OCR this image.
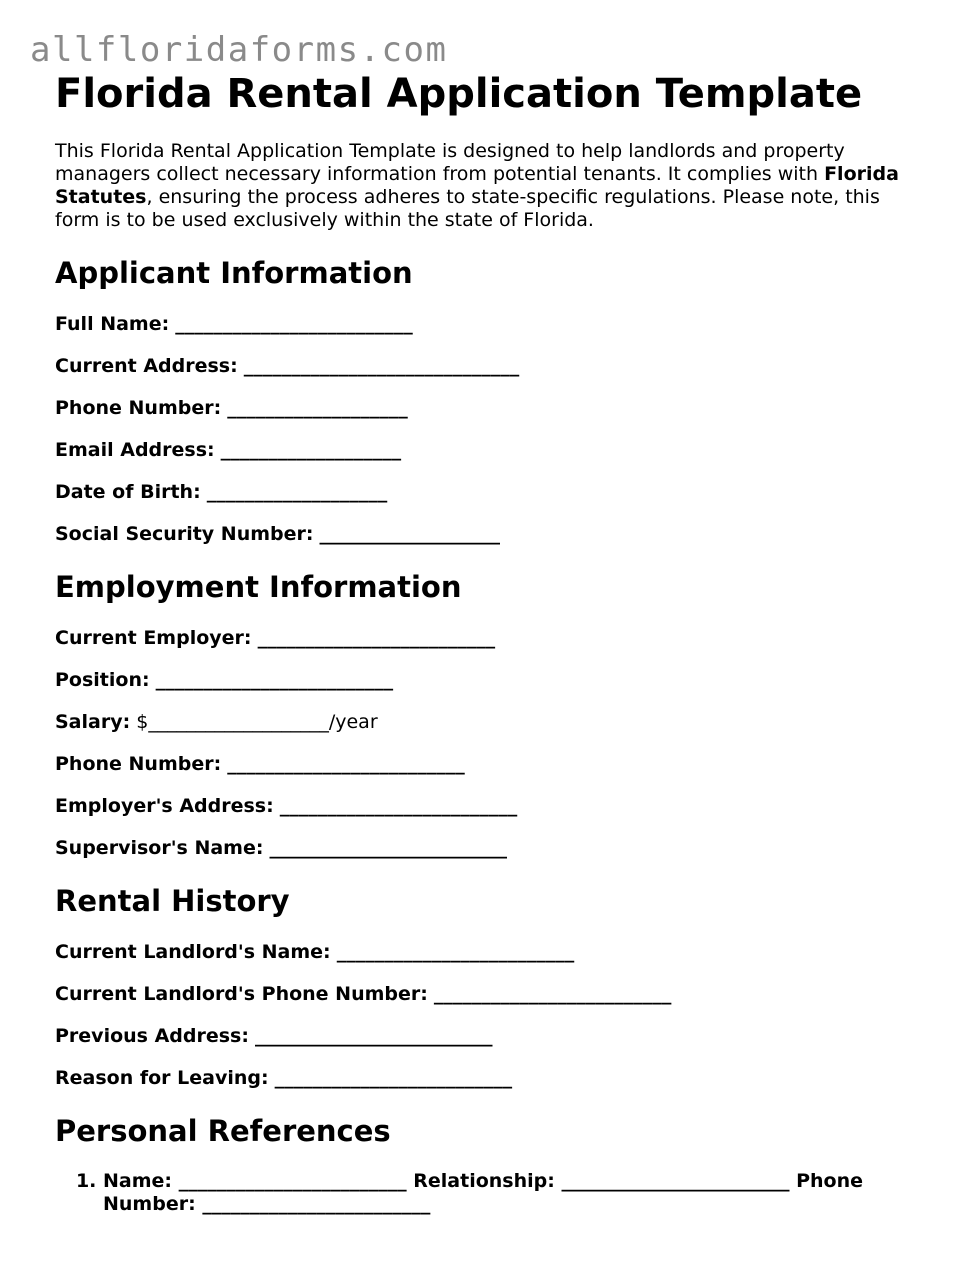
allfloridaforms.com
Florida Rental Application Template

This Florida Rental Application Template is designed to help landlords and property managers collect necessary information from potential tenants. It complies with Florida Statutes, ensuring the process adheres to state-specific regulations. Please note, this form is to be used exclusively within the state of Florida.

Applicant Information
Full Name: _________________________
Current Address: _____________________________
Phone Number: ___________________
Email Address: ___________________
Date of Birth: ___________________
Social Security Number: ___________________
Employment Information
Current Employer: _________________________
Position: _________________________
Salary: $___________________/year
Phone Number: _________________________
Employer's Address: _________________________
Supervisor's Name: _________________________
Rental History
Current Landlord's Name: _________________________
Current Landlord's Phone Number: _________________________
Previous Address: _________________________
Reason for Leaving: _________________________
Personal References
1. Name: ________________________ Relationship: ________________________ Phone Number: ________________________
